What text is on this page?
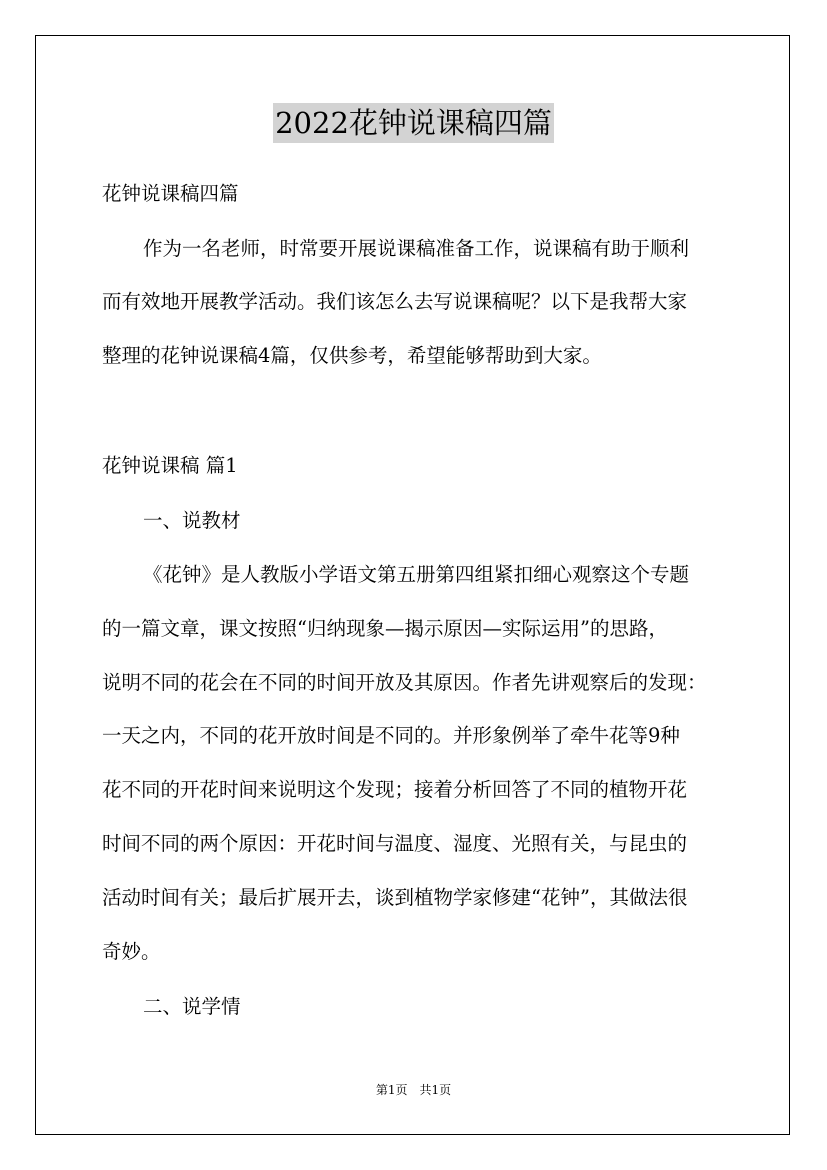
2022花钟说课稿四篇
花钟说课稿四篇
作为一名老师，时常要开展说课稿准备工作，说课稿有助于顺利
而有效地开展教学活动。我们该怎么去写说课稿呢？以下是我帮大家
整理的花钟说课稿4篇，仅供参考，希望能够帮助到大家。
花钟说课稿 篇1
一、说教材
《花钟》是人教版小学语文第五册第四组紧扣细心观察这个专题
的一篇文章，课文按照“归纳现象—揭示原因—实际运用”的思路，
说明不同的花会在不同的时间开放及其原因。作者先讲观察后的发现：
一天之内，不同的花开放时间是不同的。并形象例举了牵牛花等9种
花不同的开花时间来说明这个发现；接着分析回答了不同的植物开花
时间不同的两个原因：开花时间与温度、湿度、光照有关，与昆虫的
活动时间有关；最后扩展开去，谈到植物学家修建“花钟”，其做法很
奇妙。
二、说学情
第1页　共1页
